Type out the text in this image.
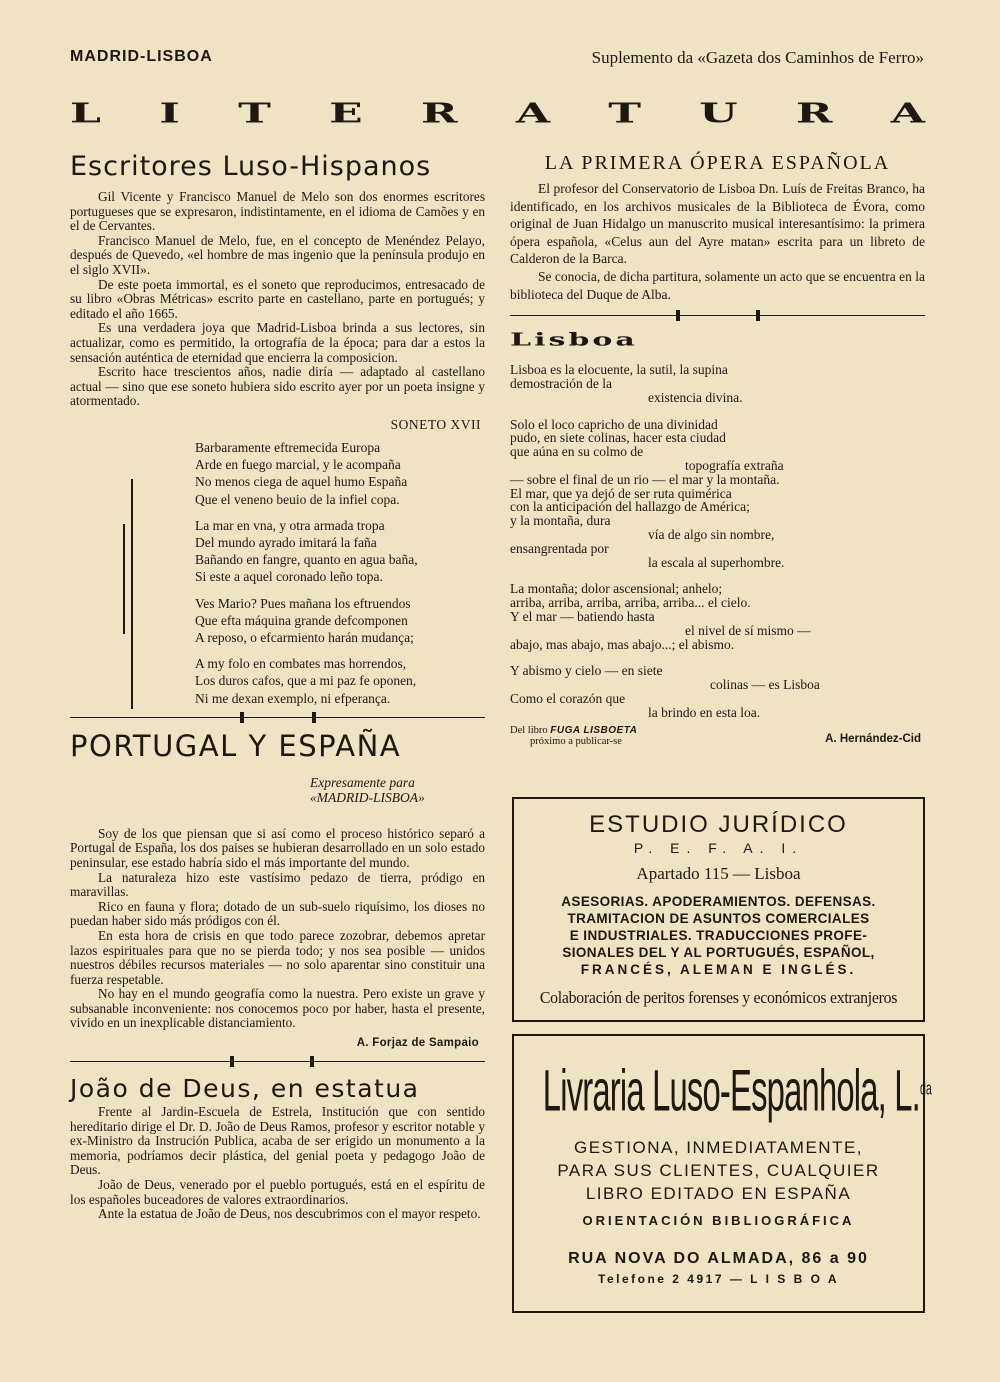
MADRID-LISBOA	Suplemento da «Gazeta dos Caminhos de Ferro»
L I T E R A T U R A
Escritores Luso-Hispanos

Gil Vicente y Francisco Manuel de Melo son dos enormes escritores portugueses que se expresaron, indistintamente, en el idioma de Camões y en el de Cervantes.

Francisco Manuel de Melo, fue, en el concepto de Menéndez Pelayo, después de Quevedo, «el hombre de mas ingenio que la península produjo en el siglo XVII».

De este poeta immortal, es el soneto que reproducimos, entresacado de su libro «Obras Métricas» escrito parte en castellano, parte en portugués; y editado el año 1665.

Es una verdadera joya que Madrid-Lisboa brinda a sus lectores, sin actualizar, como es permitido, la ortografía de la época; para dar a estos la sensación auténtica de eternidad que encierra la composicion.

Escrito hace trescientos años, nadie diría — adaptado al castellano actual — sino que ese soneto hubiera sido escrito ayer por un poeta insigne y atormentado.

SONETO XVII
Barbaramente eftremecida Europa
Arde en fuego marcial, y le acompaña
No menos ciega de aquel humo España
Que el veneno beuio de la infiel copa.
La mar en vna, y otra armada tropa
Del mundo ayrado imitará la faña
Bañando en fangre, quanto en agua baña,
Si este a aquel coronado leño topa.
Ves Mario? Pues mañana los eftruendos
Que efta máquina grande defcomponen
A reposo, o efcarmiento harán mudança;
A my folo en combates mas horrendos,
Los duros cafos, que a mi paz fe oponen,
Ni me dexan exemplo, ni efperança.
PORTUGAL Y ESPAÑA
Expresamente para
«MADRID-LISBOA»

Soy de los que piensan que si así como el proceso histórico separó a Portugal de España, los dos paises se hubieran desarrollado en un solo estado peninsular, ese estado habría sido el más importante del mundo.

La naturaleza hizo este vastísimo pedazo de tierra, pródigo en maravillas.

Rico en fauna y flora; dotado de un sub-suelo riquísimo, los dioses no puedan haber sido más pródigos con él.

En esta hora de crisis en que todo parece zozobrar, debemos apretar lazos espirituales para que no se pierda todo; y nos sea posible — unidos nuestros débiles recursos materiales — no solo aparentar sino constituir una fuerza respetable.

No hay en el mundo geografía como la nuestra. Pero existe un grave y subsanable inconveniente: nos conocemos poco por haber, hasta el presente, vivido en un inexplicable distanciamiento.

A. Forjaz de Sampaio
João de Deus, en estatua

Frente al Jardin-Escuela de Estrela, Institución que con sentido hereditario dirige el Dr. D. João de Deus Ramos, profesor y escritor notable y ex-Ministro da Instrución Publica, acaba de ser erigido un monumento a la memoria, podríamos decir plástica, del genial poeta y pedagogo João de Deus.

João de Deus, venerado por el pueblo portugués, está en el espíritu de los españoles buceadores de valores extraordinarios.

Ante la estatua de João de Deus, nos descubrimos con el mayor respeto.

LA PRIMERA ÓPERA ESPAÑOLA

El profesor del Conservatorio de Lisboa Dn. Luís de Freitas Branco, ha identificado, en los archivos musicales de la Biblioteca de Évora, como original de Juan Hidalgo un manuscrito musical interesantísimo: la primera ópera española, «Celus aun del Ayre matan» escrita para un libreto de Calderon de la Barca.

Se conocia, de dicha partitura, solamente un acto que se encuentra en la biblioteca del Duque de Alba.

Lisboa
Lisboa es la elocuente, la sutil, la supina
demostración de la
existencia divina.
Solo el loco capricho de una divinidad
pudo, en siete colinas, hacer esta ciudad
que aúna en su colmo de
topografía extraña
— sobre el final de un rio — el mar y la montaña.
El mar, que ya dejó de ser ruta quimérica
con la anticipación del hallazgo de América;
y la montaña, dura
vía de algo sin nombre,
ensangrentada por
la escala al superhombre.
La montaña; dolor ascensional; anhelo;
arriba, arriba, arriba, arriba, arriba... el cielo.
Y el mar — batiendo hasta
el nivel de sí mismo —
abajo, mas abajo, mas abajo...; el abismo.
Y abismo y cielo — en siete
colinas — es Lisboa
Como el corazón que
la brindo en esta loa.
Del libro FUGA LISBOETA
próximo a publicar-se	A. Hernández-Cid
ESTUDIO JURÍDICO
P. E. F. A. I.
Apartado 115 — Lisboa
ASESORIAS. APODERAMIENTOS. DEFENSAS.
TRAMITACION DE ASUNTOS COMERCIALES
E INDUSTRIALES. TRADUCCIONES PROFE-
SIONALES DEL Y AL PORTUGUÉS, ESPAÑOL,
FRANCÉS, ALEMAN E INGLÉS.
Colaboración de peritos forenses y económicos extranjeros
Livraria Luso-Espanhola, L.$^{da}$
GESTIONA, INMEDIATAMENTE,
PARA SUS CLIENTES, CUALQUIER
LIBRO EDITADO EN ESPAÑA
ORIENTACIÓN BIBLIOGRÁFICA
RUA NOVA DO ALMADA, 86 a 90
Telefone 2 4917 — L I S B O A
